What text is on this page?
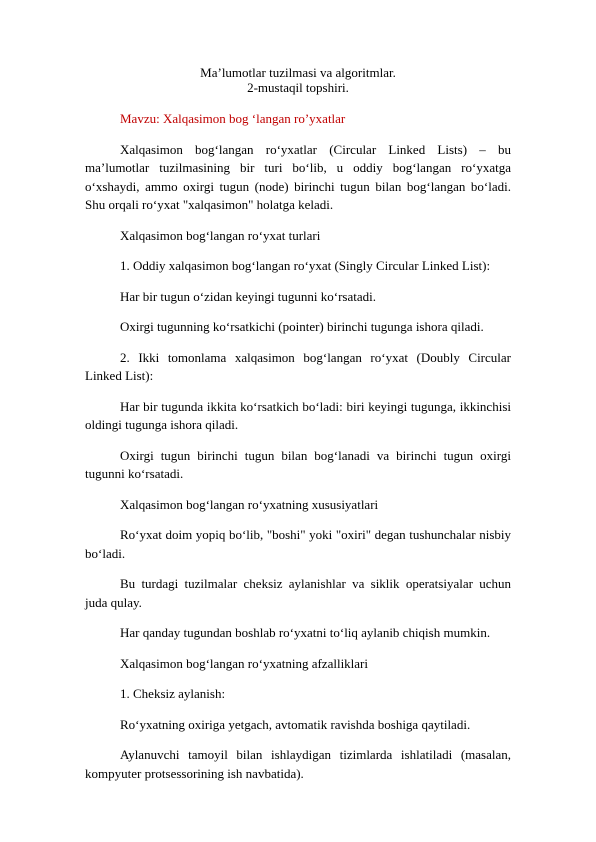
Ma’lumotlar tuzilmasi va algoritmlar.
2-mustaqil topshiri.

Mavzu: Xalqasimon bog ‘langan ro’yxatlar

Xalqasimon bog‘langan ro‘yxatlar (Circular Linked Lists) – bu ma’lumotlar tuzilmasining bir turi bo‘lib, u oddiy bog‘langan ro‘yxatga o‘xshaydi, ammo oxirgi tugun (node) birinchi tugun bilan bog‘langan bo‘ladi. Shu orqali ro‘yxat "xalqasimon" holatga keladi.

Xalqasimon bog‘langan ro‘yxat turlari

1. Oddiy xalqasimon bog‘langan ro‘yxat (Singly Circular Linked List):

Har bir tugun o‘zidan keyingi tugunni ko‘rsatadi.

Oxirgi tugunning ko‘rsatkichi (pointer) birinchi tugunga ishora qiladi.

2. Ikki tomonlama xalqasimon bog‘langan ro‘yxat (Doubly Circular Linked List):

Har bir tugunda ikkita ko‘rsatkich bo‘ladi: biri keyingi tugunga, ikkinchisi oldingi tugunga ishora qiladi.

Oxirgi tugun birinchi tugun bilan bog‘lanadi va birinchi tugun oxirgi tugunni ko‘rsatadi.

Xalqasimon bog‘langan ro‘yxatning xususiyatlari

Ro‘yxat doim yopiq bo‘lib, "boshi" yoki "oxiri" degan tushunchalar nisbiy bo‘ladi.

Bu turdagi tuzilmalar cheksiz aylanishlar va siklik operatsiyalar uchun juda qulay.

Har qanday tugundan boshlab ro‘yxatni to‘liq aylanib chiqish mumkin.

Xalqasimon bog‘langan ro‘yxatning afzalliklari

1. Cheksiz aylanish:

Ro‘yxatning oxiriga yetgach, avtomatik ravishda boshiga qaytiladi.

Aylanuvchi tamoyil bilan ishlaydigan tizimlarda ishlatiladi (masalan, kompyuter protsessorining ish navbatida).
